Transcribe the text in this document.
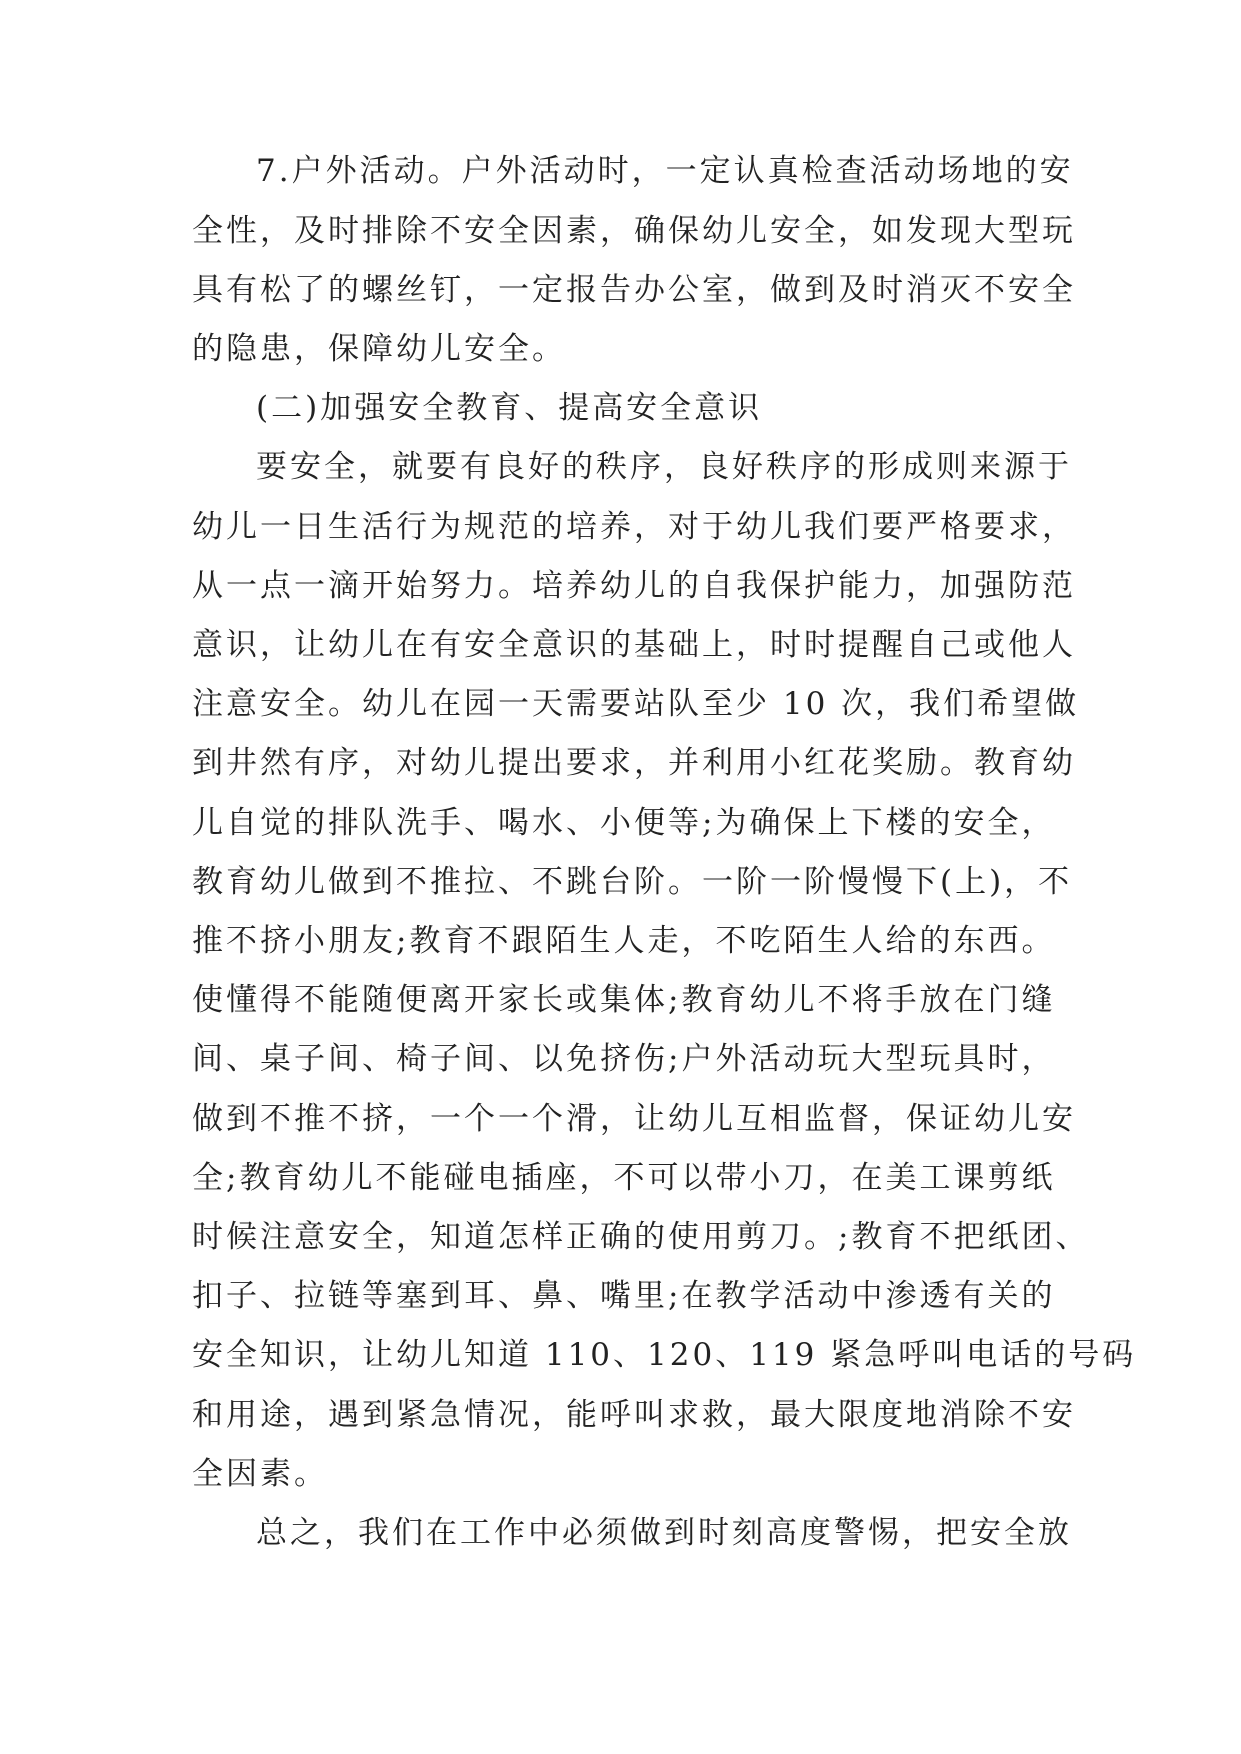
7.户外活动。户外活动时，一定认真检查活动场地的安
全性，及时排除不安全因素，确保幼儿安全，如发现大型玩
具有松了的螺丝钉，一定报告办公室，做到及时消灭不安全
的隐患，保障幼儿安全。
(二)加强安全教育、提高安全意识
要安全，就要有良好的秩序，良好秩序的形成则来源于
幼儿一日生活行为规范的培养，对于幼儿我们要严格要求，
从一点一滴开始努力。培养幼儿的自我保护能力，加强防范
意识，让幼儿在有安全意识的基础上，时时提醒自己或他人
注意安全。幼儿在园一天需要站队至少 10 次，我们希望做
到井然有序，对幼儿提出要求，并利用小红花奖励。教育幼
儿自觉的排队洗手、喝水、小便等;为确保上下楼的安全，
教育幼儿做到不推拉、不跳台阶。一阶一阶慢慢下(上)，不
推不挤小朋友;教育不跟陌生人走，不吃陌生人给的东西。
使懂得不能随便离开家长或集体;教育幼儿不将手放在门缝
间、桌子间、椅子间、以免挤伤;户外活动玩大型玩具时，
做到不推不挤，一个一个滑，让幼儿互相监督，保证幼儿安
全;教育幼儿不能碰电插座，不可以带小刀，在美工课剪纸
时候注意安全，知道怎样正确的使用剪刀。;教育不把纸团、
扣子、拉链等塞到耳、鼻、嘴里;在教学活动中渗透有关的
安全知识，让幼儿知道 110、120、119 紧急呼叫电话的号码
和用途，遇到紧急情况，能呼叫求救，最大限度地消除不安
全因素。
总之，我们在工作中必须做到时刻高度警惕，把安全放
